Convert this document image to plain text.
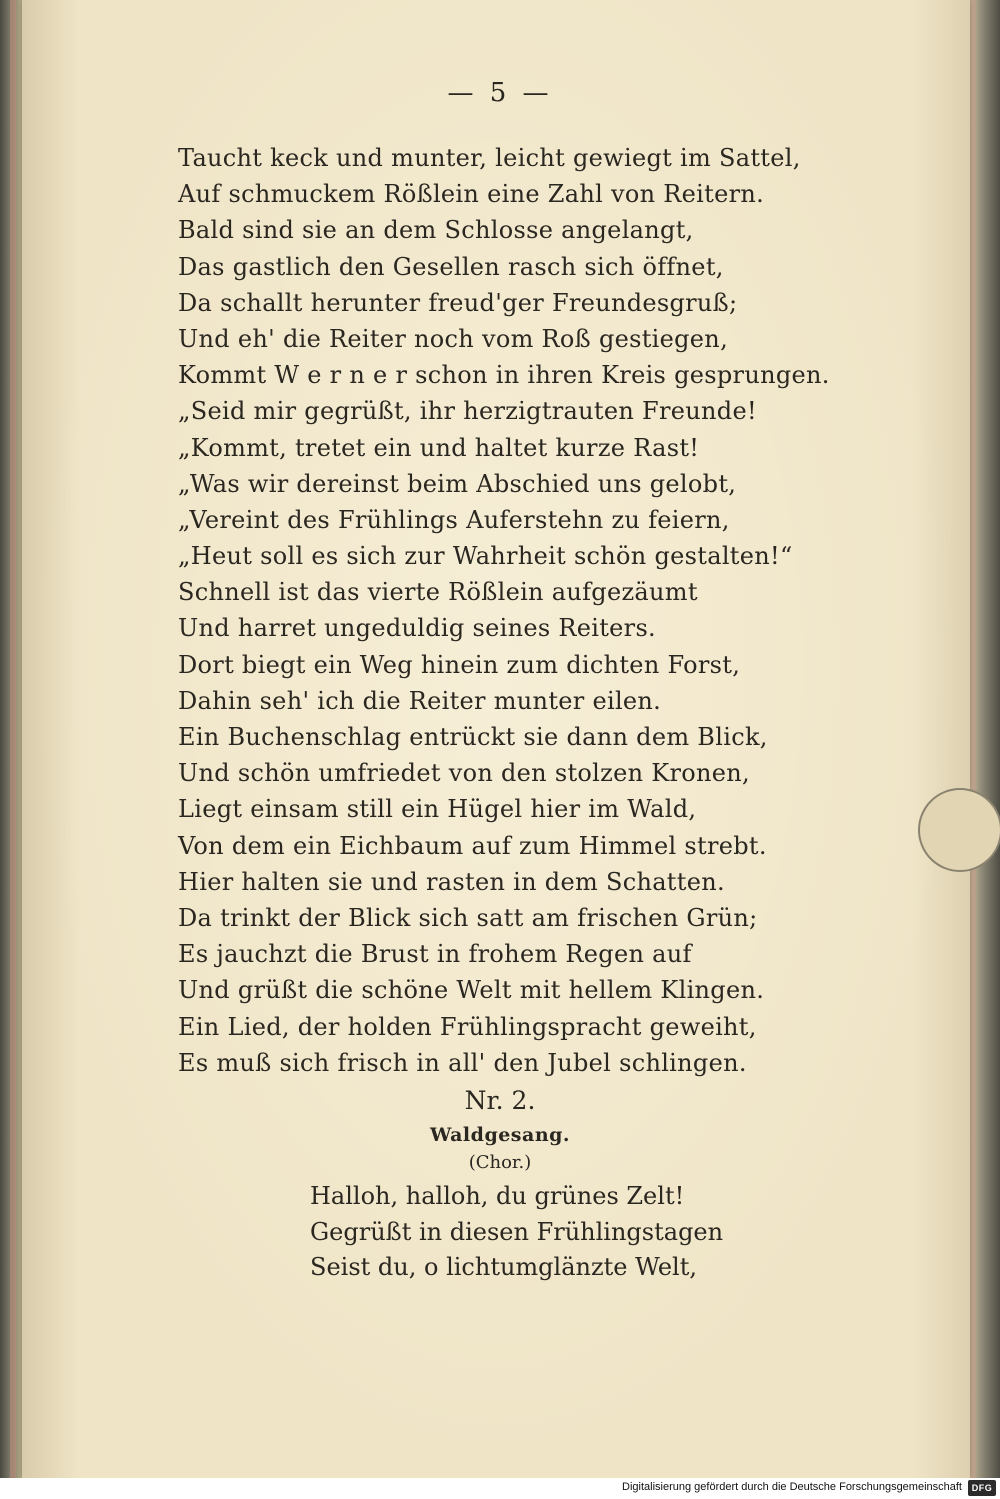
— 5 —
Taucht keck und munter, leicht gewiegt im Sattel,
Auf schmuckem Rößlein eine Zahl von Reitern.
Bald sind sie an dem Schlosse angelangt,
Das gastlich den Gesellen rasch sich öffnet,
Da schallt herunter freud'ger Freundesgruß;
Und eh' die Reiter noch vom Roß gestiegen,
Kommt W e r n e r schon in ihren Kreis gesprungen.
„Seid mir gegrüßt, ihr herzigtrauten Freunde!
„Kommt, tretet ein und haltet kurze Rast!
„Was wir dereinst beim Abschied uns gelobt,
„Vereint des Frühlings Auferstehn zu feiern,
„Heut soll es sich zur Wahrheit schön gestalten!“
Schnell ist das vierte Rößlein aufgezäumt
Und harret ungeduldig seines Reiters.
Dort biegt ein Weg hinein zum dichten Forst,
Dahin seh' ich die Reiter munter eilen.
Ein Buchenschlag entrückt sie dann dem Blick,
Und schön umfriedet von den stolzen Kronen,
Liegt einsam still ein Hügel hier im Wald,
Von dem ein Eichbaum auf zum Himmel strebt.
Hier halten sie und rasten in dem Schatten.
Da trinkt der Blick sich satt am frischen Grün;
Es jauchzt die Brust in frohem Regen auf
Und grüßt die schöne Welt mit hellem Klingen.
Ein Lied, der holden Frühlingspracht geweiht,
Es muß sich frisch in all' den Jubel schlingen.
Nr. 2.
Waldgesang.
(Chor.)
Halloh, halloh, du grünes Zelt!
Gegrüßt in diesen Frühlingstagen
Seist du, o lichtumglänzte Welt,
Digitalisierung gefördert durch die Deutsche Forschungsgemeinschaft DFG
